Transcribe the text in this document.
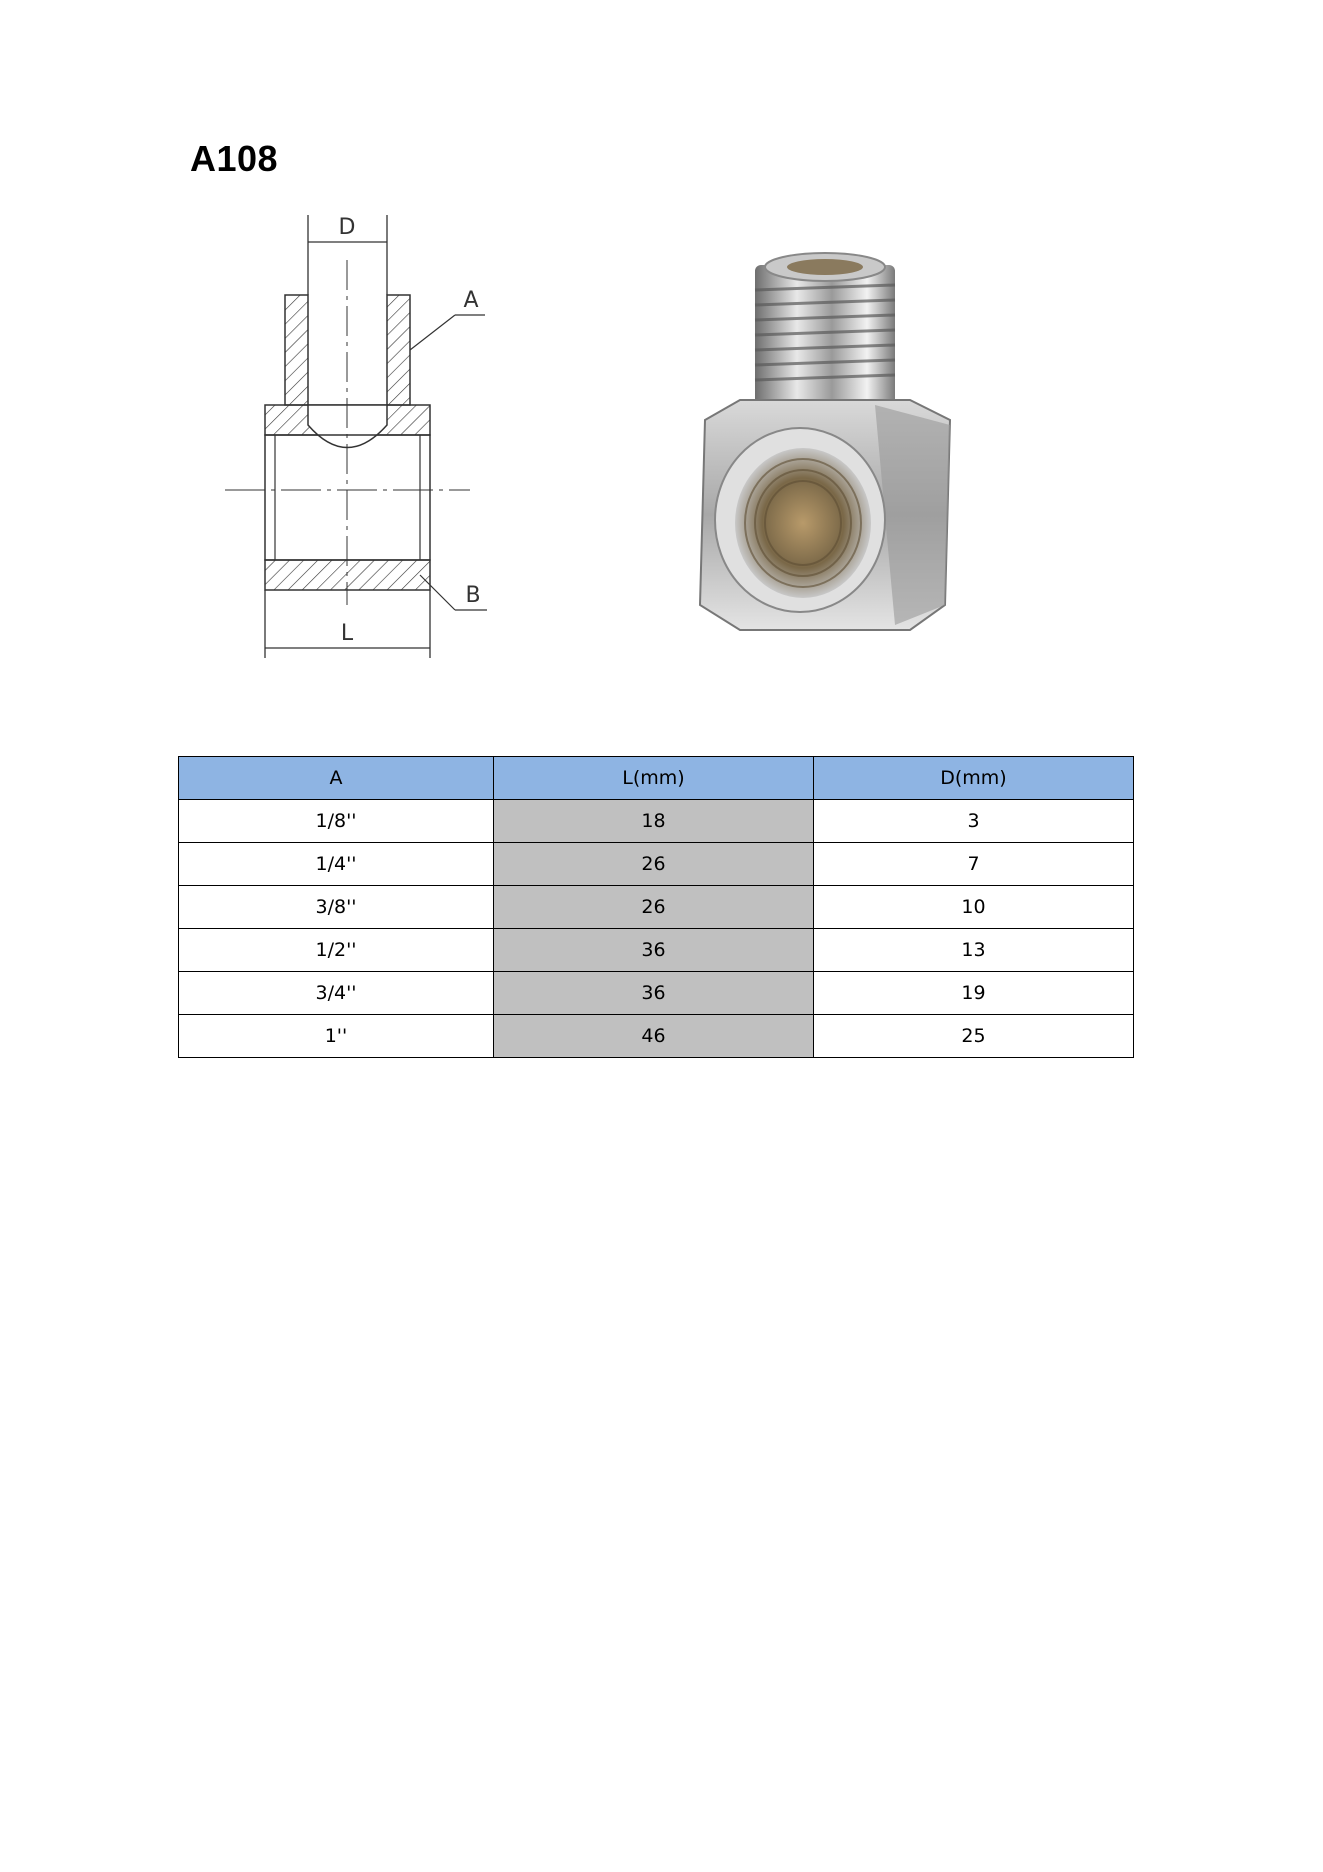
A108
D
A
B
L
A	L(mm)	D(mm)
1/8''	18	3
1/4''	26	7
3/8''	26	10
1/2''	36	13
3/4''	36	19
1''	46	25
